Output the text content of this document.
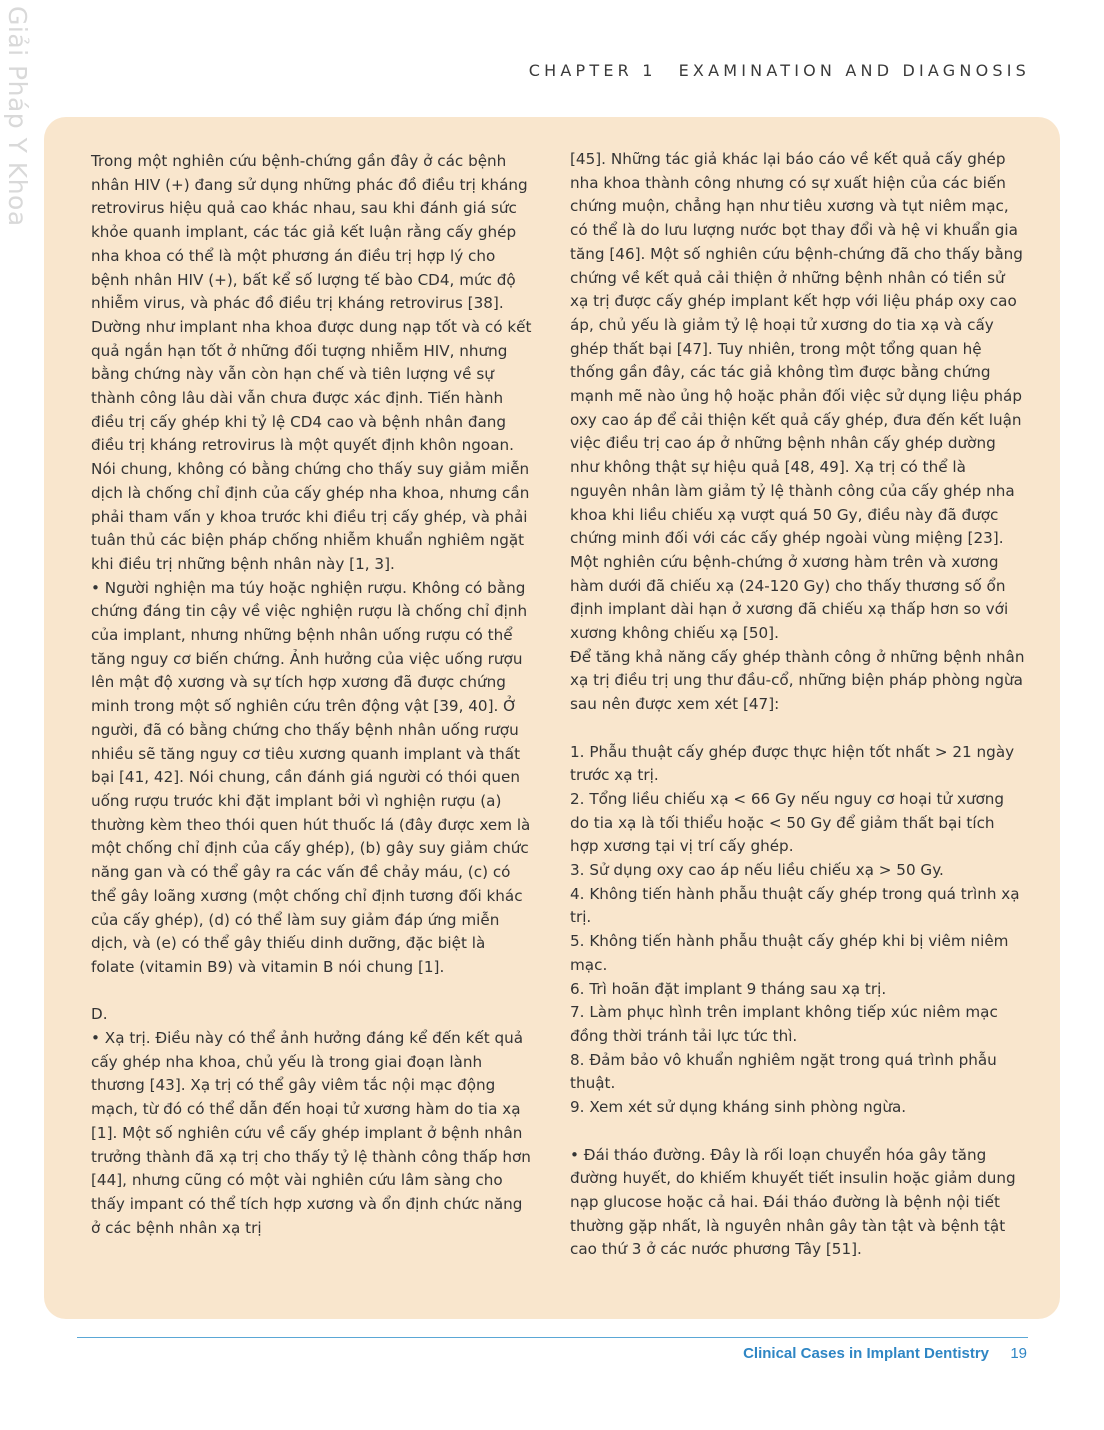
Giải Pháp Y Khoa	CHAPTER 1 EXAMINATION AND DIAGNOSIS

Trong một nghiên cứu bệnh-chứng gần đây ở các bệnh nhân HIV (+) đang sử dụng những phác đồ điều trị kháng retrovirus hiệu quả cao khác nhau, sau khi đánh giá sức khỏe quanh implant, các tác giả kết luận rằng cấy ghép nha khoa có thể là một phương án điều trị hợp lý cho bệnh nhân HIV (+), bất kể số lượng tế bào CD4, mức độ nhiễm virus, và phác đồ điều trị kháng retrovirus [38]. Dường như implant nha khoa được dung nạp tốt và có kết quả ngắn hạn tốt ở những đối tượng nhiễm HIV, nhưng bằng chứng này vẫn còn hạn chế và tiên lượng về sự thành công lâu dài vẫn chưa được xác định. Tiến hành điều trị cấy ghép khi tỷ lệ CD4 cao và bệnh nhân đang điều trị kháng retrovirus là một quyết định khôn ngoan. Nói chung, không có bằng chứng cho thấy suy giảm miễn dịch là chống chỉ định của cấy ghép nha khoa, nhưng cần phải tham vấn y khoa trước khi điều trị cấy ghép, và phải tuân thủ các biện pháp chống nhiễm khuẩn nghiêm ngặt khi điều trị những bệnh nhân này [1, 3].

• Người nghiện ma túy hoặc nghiện rượu. Không có bằng chứng đáng tin cậy về việc nghiện rượu là chống chỉ định của implant, nhưng những bệnh nhân uống rượu có thể tăng nguy cơ biến chứng. Ảnh hưởng của việc uống rượu lên mật độ xương và sự tích hợp xương đã được chứng minh trong một số nghiên cứu trên động vật [39, 40]. Ở người, đã có bằng chứng cho thấy bệnh nhân uống rượu nhiều sẽ tăng nguy cơ tiêu xương quanh implant và thất bại [41, 42]. Nói chung, cần đánh giá người có thói quen uống rượu trước khi đặt implant bởi vì nghiện rượu (a) thường kèm theo thói quen hút thuốc lá (đây được xem là một chống chỉ định của cấy ghép), (b) gây suy giảm chức năng gan và có thể gây ra các vấn đề chảy máu, (c) có thể gây loãng xương (một chống chỉ định tương đối khác của cấy ghép), (d) có thể làm suy giảm đáp ứng miễn dịch, và (e) có thể gây thiếu dinh dưỡng, đặc biệt là folate (vitamin B9) và vitamin B nói chung [1].

D.

• Xạ trị. Điều này có thể ảnh hưởng đáng kể đến kết quả cấy ghép nha khoa, chủ yếu là trong giai đoạn lành thương [43]. Xạ trị có thể gây viêm tắc nội mạc động mạch, từ đó có thể dẫn đến hoại tử xương hàm do tia xạ [1]. Một số nghiên cứu về cấy ghép implant ở bệnh nhân trưởng thành đã xạ trị cho thấy tỷ lệ thành công thấp hơn [44], nhưng cũng có một vài nghiên cứu lâm sàng cho thấy impant có thể tích hợp xương và ổn định chức năng ở các bệnh nhân xạ trị

[45]. Những tác giả khác lại báo cáo về kết quả cấy ghép nha khoa thành công nhưng có sự xuất hiện của các biến chứng muộn, chẳng hạn như tiêu xương và tụt niêm mạc, có thể là do lưu lượng nước bọt thay đổi và hệ vi khuẩn gia tăng [46]. Một số nghiên cứu bệnh-chứng đã cho thấy bằng chứng về kết quả cải thiện ở những bệnh nhân có tiền sử xạ trị được cấy ghép implant kết hợp với liệu pháp oxy cao áp, chủ yếu là giảm tỷ lệ hoại tử xương do tia xạ và cấy ghép thất bại [47]. Tuy nhiên, trong một tổng quan hệ thống gần đây, các tác giả không tìm được bằng chứng mạnh mẽ nào ủng hộ hoặc phản đối việc sử dụng liệu pháp oxy cao áp để cải thiện kết quả cấy ghép, đưa đến kết luận việc điều trị cao áp ở những bệnh nhân cấy ghép dường như không thật sự hiệu quả [48, 49]. Xạ trị có thể là nguyên nhân làm giảm tỷ lệ thành công của cấy ghép nha khoa khi liều chiếu xạ vượt quá 50 Gy, điều này đã được chứng minh đối với các cấy ghép ngoài vùng miệng [23]. Một nghiên cứu bệnh-chứng ở xương hàm trên và xương hàm dưới đã chiếu xạ (24-120 Gy) cho thấy thương số ổn định implant dài hạn ở xương đã chiếu xạ thấp hơn so với xương không chiếu xạ [50].

Để tăng khả năng cấy ghép thành công ở những bệnh nhân xạ trị điều trị ung thư đầu-cổ, những biện pháp phòng ngừa sau nên được xem xét [47]:

1. Phẫu thuật cấy ghép được thực hiện tốt nhất > 21 ngày trước xạ trị.

2. Tổng liều chiếu xạ < 66 Gy nếu nguy cơ hoại tử xương do tia xạ là tối thiểu hoặc < 50 Gy để giảm thất bại tích hợp xương tại vị trí cấy ghép.

3. Sử dụng oxy cao áp nếu liều chiếu xạ > 50 Gy.

4. Không tiến hành phẫu thuật cấy ghép trong quá trình xạ trị.

5. Không tiến hành phẫu thuật cấy ghép khi bị viêm niêm mạc.

6. Trì hoãn đặt implant 9 tháng sau xạ trị.

7. Làm phục hình trên implant không tiếp xúc niêm mạc đồng thời tránh tải lực tức thì.

8. Đảm bảo vô khuẩn nghiêm ngặt trong quá trình phẫu thuật.

9. Xem xét sử dụng kháng sinh phòng ngừa.

• Đái tháo đường. Đây là rối loạn chuyển hóa gây tăng đường huyết, do khiếm khuyết tiết insulin hoặc giảm dung nạp glucose hoặc cả hai. Đái tháo đường là bệnh nội tiết thường gặp nhất, là nguyên nhân gây tàn tật và bệnh tật cao thứ 3 ở các nước phương Tây [51].

Clinical Cases in Implant Dentistry 19
